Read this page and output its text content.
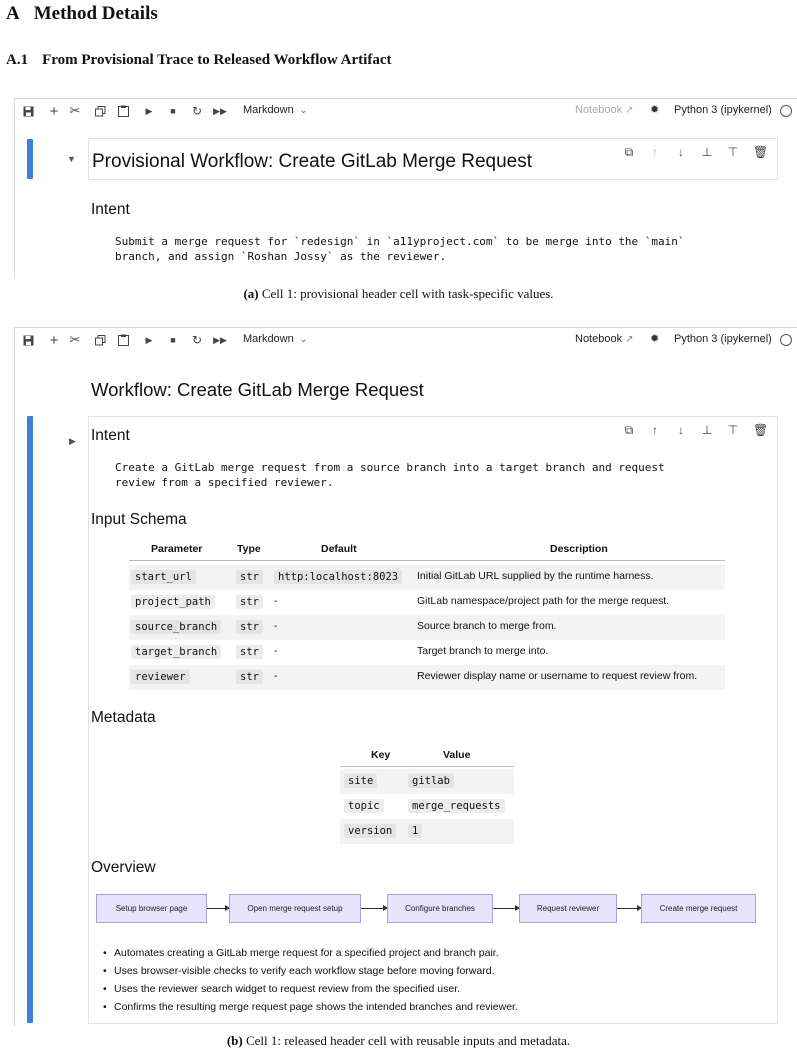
A Method Details
A.1 From Provisional Trace to Released Workflow Artifact
+ ✂	▶	■	↻	▶▶ Markdown ⌄	Notebook ↗ ✹ Python 3 (ipykernel)
▼	⧉ ↑ ↓ ⊥ ⊤ 🗑
Provisional Workflow: Create GitLab Merge Request
Intent
Submit a merge request for `redesign` in `a11yproject.com` to be merge into the `main`
branch, and assign `Roshan Jossy` as the reviewer.
(a) Cell 1: provisional header cell with task-specific values.
+ ✂	▶	■	↻	▶▶ Markdown ⌄	Notebook ↗ ✹ Python 3 (ipykernel)
Workflow: Create GitLab Merge Request
▶
⧉ ↑ ↓ ⊥ ⊤ 🗑
Intent
Create a GitLab merge request from a source branch into a target branch and request
review from a specified reviewer.
Input Schema
Parameter	Type	Default	Description
start_url	str	http:localhost:8023	Initial GitLab URL supplied by the runtime harness.
project_path	str	-	GitLab namespace/project path for the merge request.
source_branch	str	-	Source branch to merge from.
target_branch	str	-	Target branch to merge into.
reviewer	str	-	Reviewer display name or username to request review from.
Metadata
Key	Value
site	gitlab
topic	merge_requests
version	1
Overview
Setup browser page	Open merge request setup	Configure branches	Request reviewer	Create merge request
• Automates creating a GitLab merge request for a specified project and branch pair.
• Uses browser-visible checks to verify each workflow stage before moving forward.
• Uses the reviewer search widget to request review from the specified user.
• Confirms the resulting merge request page shows the intended branches and reviewer.
(b) Cell 1: released header cell with reusable inputs and metadata.
